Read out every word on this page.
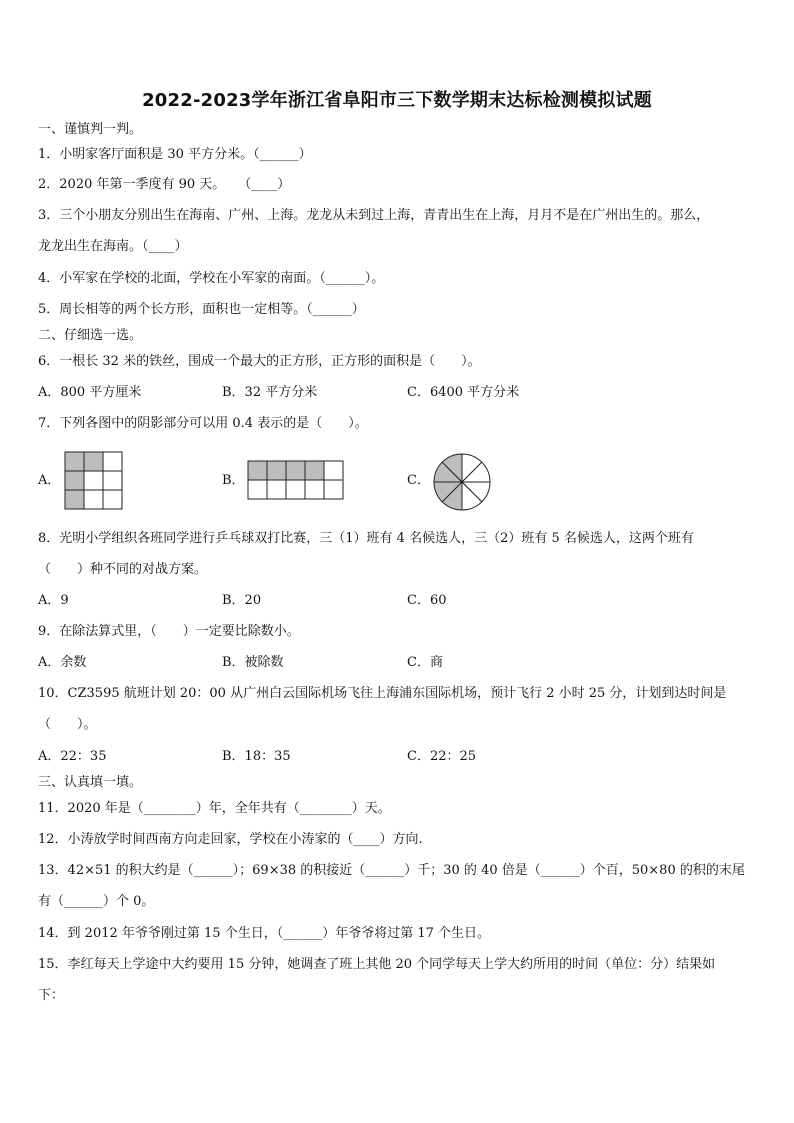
2022-2023学年浙江省阜阳市三下数学期末达标检测模拟试题
一、谨慎判一判。
1．小明家客厅面积是 30 平方分米。（______）
2．2020 年第一季度有 90 天。　　（____）
3．三个小朋友分别出生在海南、广州、上海。龙龙从未到过上海，青青出生在上海，月月不是在广州出生的。那么，
龙龙出生在海南。（____）
4．小军家在学校的北面，学校在小军家的南面。（______）。
5．周长相等的两个长方形，面积也一定相等。（______）
二、仔细选一选。
6．一根长 32 米的铁丝，围成一个最大的正方形，正方形的面积是（　　）。
A．800 平方厘米	B．32 平方分米	C．6400 平方分米
7．下列各图中的阴影部分可以用 0.4 表示的是（　　）。
A．	B．	C．
8．光明小学组织各班同学进行乒乓球双打比赛，三（1）班有 4 名候选人，三（2）班有 5 名候选人，这两个班有
（　　）种不同的对战方案。
A．9	B．20	C．60
9．在除法算式里，（　　）一定要比除数小。
A．余数	B．被除数	C．商
10．CZ3595 航班计划 20：00 从广州白云国际机场飞往上海浦东国际机场，预计飞行 2 小时 25 分，计划到达时间是
（　　）。
A．22：35	B．18：35	C．22：25
三、认真填一填。
11．2020 年是（________）年，全年共有（________）天。
12．小涛放学时间西南方向走回家，学校在小涛家的（____）方向.
13．42×51 的积大约是（______）；69×38 的积接近（______）千；30 的 40 倍是（______）个百，50×80 的积的末尾
有（______）个 0。
14．到 2012 年爷爷刚过第 15 个生日，（______）年爷爷将过第 17 个生日。
15．李红每天上学途中大约要用 15 分钟，她调查了班上其他 20 个同学每天上学大约所用的时间（单位：分）结果如
下：
